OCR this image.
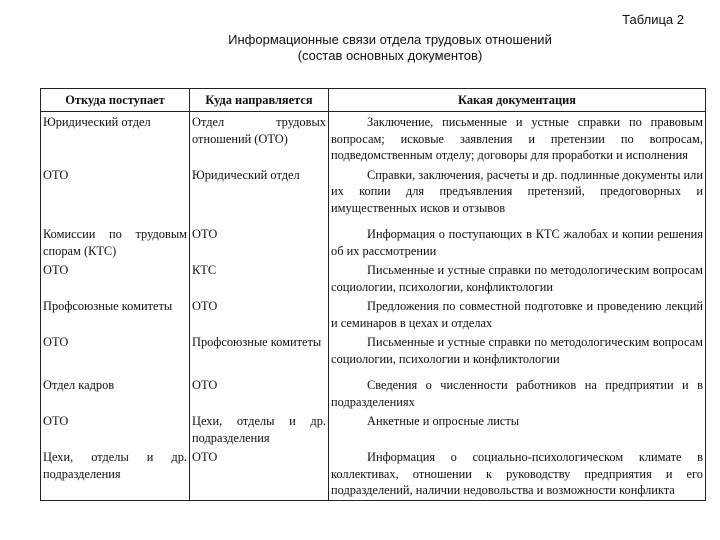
Таблица 2
Информационные связи отдела трудовых отношений
(состав основных документов)
Откуда поступает	Куда направляется	Какая документация
Юридический отдел	Отдел трудовых отношений (ОТО)	Заключение, письменные и устные справки по правовым вопросам; исковые заявления и претензии по вопросам, подведомственным отделу; договоры для проработки и исполнения
ОТО	Юридический отдел	Справки, заключения, расчеты и др. подлинные документы или их копии для предъявления претензий, предоговорных и имущественных исков и отзывов
Комиссии по трудовым спорам (КТС)	ОТО	Информация о поступающих в КТС жалобах и копии решения об их рассмотрении
ОТО	КТС	Письменные и устные справки по методологическим вопросам социологии, психологии, конфликтологии
Профсоюзные комитеты	ОТО	Предложения по совместной подготовке и проведению лекций и семинаров в цехах и отделах
ОТО	Профсоюзные комитеты	Письменные и устные справки по методологическим вопросам социологии, психологии и конфликтологии
Отдел кадров	ОТО	Сведения о численности работников на предприятии и в подразделениях
ОТО	Цехи, отделы и др. подразделения	Анкетные и опросные листы
Цехи, отделы и др. подразделения	ОТО	Информация о социально-психологическом климате в коллективах, отношении к руководству предприятия и его подразделений, наличии недовольства и возможности конфликта
